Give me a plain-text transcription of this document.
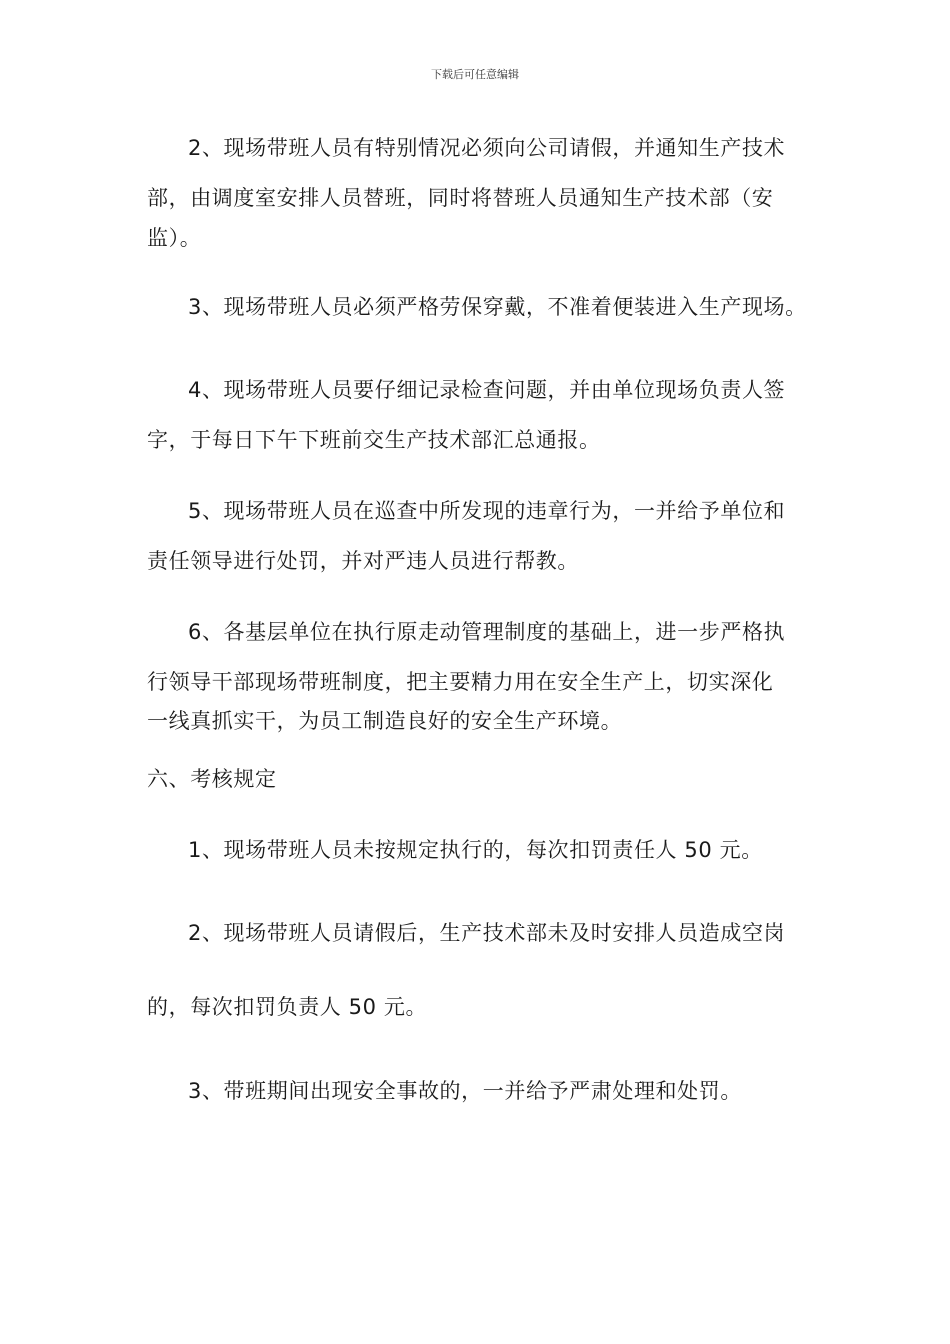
下载后可任意编辑
2、现场带班人员有特别情况必须向公司请假，并通知生产技术
部，由调度室安排人员替班，同时将替班人员通知生产技术部（安
监）。
3、现场带班人员必须严格劳保穿戴，不准着便装进入生产现场。
4、现场带班人员要仔细记录检查问题，并由单位现场负责人签
字，于每日下午下班前交生产技术部汇总通报。
5、现场带班人员在巡查中所发现的违章行为，一并给予单位和
责任领导进行处罚，并对严违人员进行帮教。
6、各基层单位在执行原走动管理制度的基础上，进一步严格执
行领导干部现场带班制度，把主要精力用在安全生产上，切实深化
一线真抓实干，为员工制造良好的安全生产环境。
六、考核规定
1、现场带班人员未按规定执行的，每次扣罚责任人 50 元。
2、现场带班人员请假后，生产技术部未及时安排人员造成空岗
的，每次扣罚负责人 50 元。
3、带班期间出现安全事故的，一并给予严肃处理和处罚。
